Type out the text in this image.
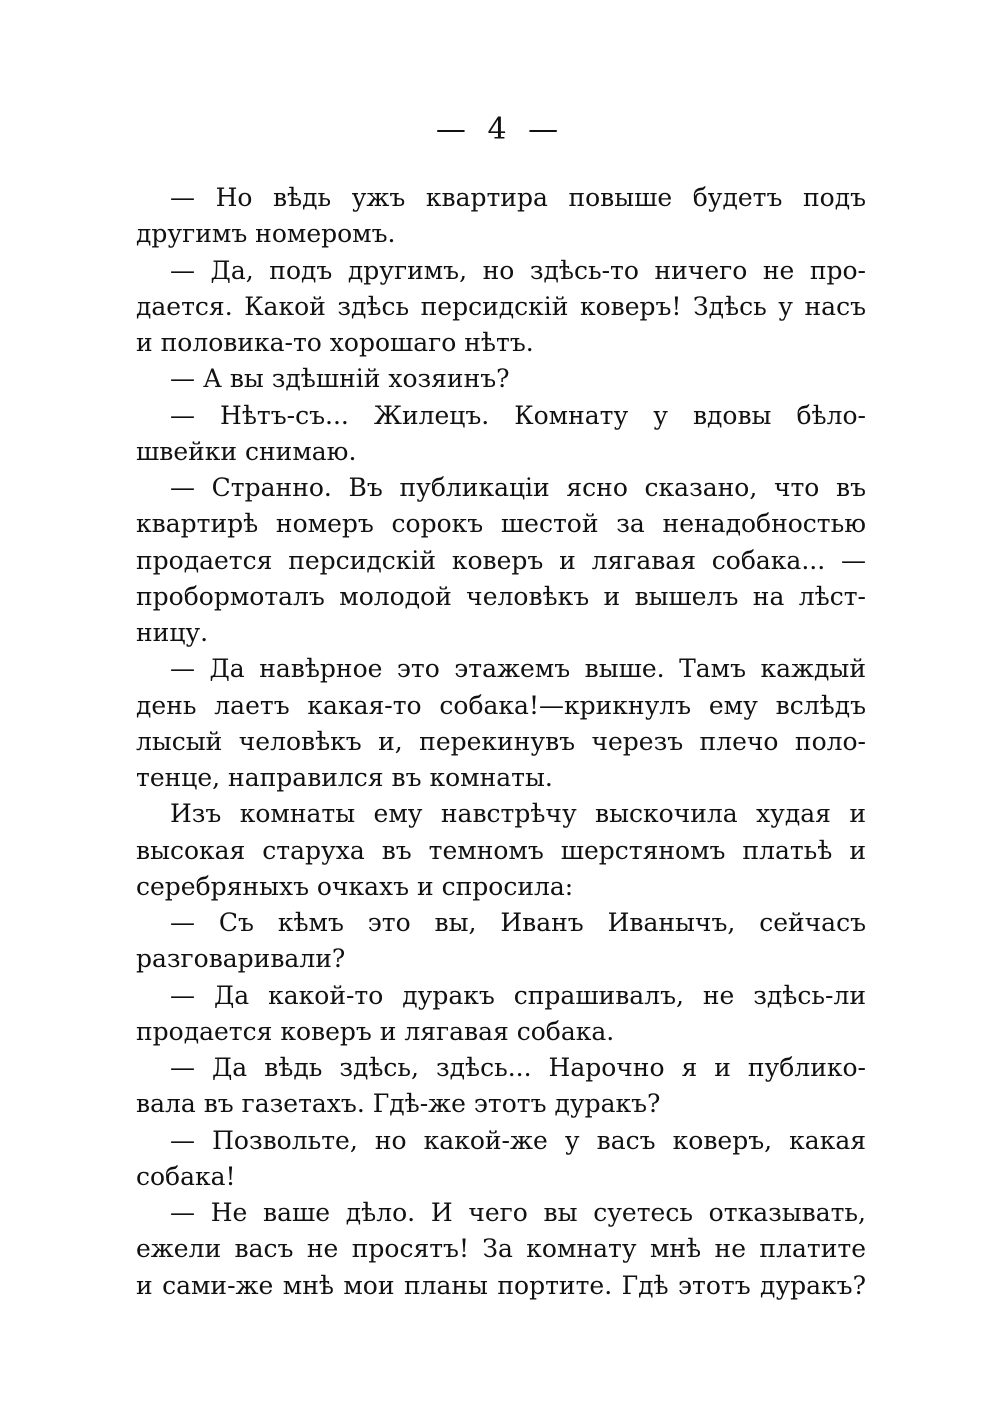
— 4 —
— Но вѣдь ужъ квартира повыше будетъ подъ
другимъ номеромъ.
— Да, подъ другимъ, но здѣсь-то ничего не про-
дается. Какой здѣсь персидскій коверъ! Здѣсь у насъ
и половика-то хорошаго нѣтъ.
— А вы здѣшній хозяинъ?
— Нѣтъ-съ... Жилецъ. Комнату у вдовы бѣло-
швейки снимаю.
— Странно. Въ публикаціи ясно сказано, что въ
квартирѣ номеръ сорокъ шестой за ненадобностью
продается персидскій коверъ и лягавая собака... —
пробормоталъ молодой человѣкъ и вышелъ на лѣст-
ницу.
— Да навѣрное это этажемъ выше. Тамъ каждый
день лаетъ какая-то собака!—крикнулъ ему вслѣдъ
лысый человѣкъ и, перекинувъ черезъ плечо поло-
тенце, направился въ комнаты.
Изъ комнаты ему навстрѣчу выскочила худая и
высокая старуха въ темномъ шерстяномъ платьѣ и
серебряныхъ очкахъ и спросила:
— Съ кѣмъ это вы, Иванъ Иванычъ, сейчасъ
разговаривали?
— Да какой-то дуракъ спрашивалъ, не здѣсь-ли
продается коверъ и лягавая собака.
— Да вѣдь здѣсь, здѣсь... Нарочно я и публико-
вала въ газетахъ. Гдѣ-же этотъ дуракъ?
— Позвольте, но какой-же у васъ коверъ, какая
собака!
— Не ваше дѣло. И чего вы суетесь отказывать,
ежели васъ не просятъ! За комнату мнѣ не платите
и сами-же мнѣ мои планы портите. Гдѣ этотъ дуракъ?
